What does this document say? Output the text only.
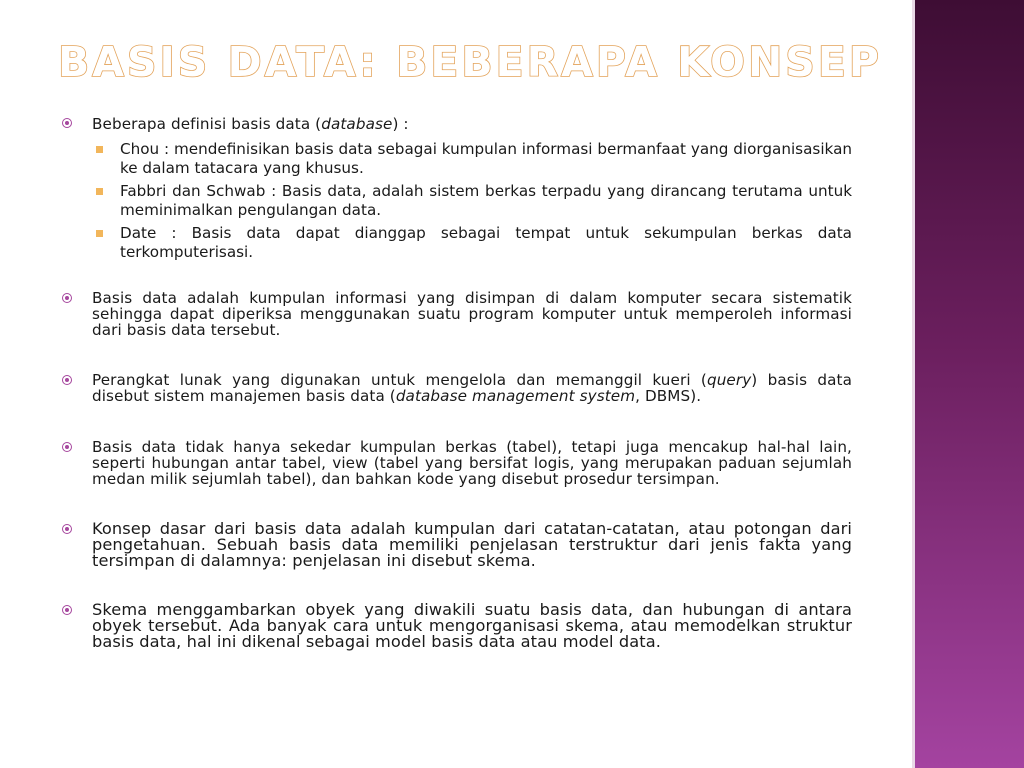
BASIS DATA: BEBERAPA KONSEP
Beberapa definisi basis data (database) :
Chou : mendefinisikan basis data sebagai kumpulan informasi bermanfaat yang diorganisasikan ke dalam tatacara yang khusus.
Fabbri dan Schwab : Basis data, adalah sistem berkas terpadu yang dirancang terutama untuk meminimalkan pengulangan data.
Date : Basis data dapat dianggap sebagai tempat untuk sekumpulan berkas data terkomputerisasi.
Basis data adalah kumpulan informasi yang disimpan di dalam komputer secara sistematik sehingga dapat diperiksa menggunakan suatu program komputer untuk memperoleh informasi dari basis data tersebut.
Perangkat lunak yang digunakan untuk mengelola dan memanggil kueri (query) basis data disebut sistem manajemen basis data (database management system, DBMS).
Basis data tidak hanya sekedar kumpulan berkas (tabel), tetapi juga mencakup hal-hal lain, seperti hubungan antar tabel, view (tabel yang bersifat logis, yang merupakan paduan sejumlah medan milik sejumlah tabel), dan bahkan kode yang disebut prosedur tersimpan.
Konsep dasar dari basis data adalah kumpulan dari catatan-catatan, atau potongan dari pengetahuan. Sebuah basis data memiliki penjelasan terstruktur dari jenis fakta yang tersimpan di dalamnya: penjelasan ini disebut skema.
Skema menggambarkan obyek yang diwakili suatu basis data, dan hubungan di antara obyek tersebut. Ada banyak cara untuk mengorganisasi skema, atau memodelkan struktur basis data, hal ini dikenal sebagai model basis data atau model data.
